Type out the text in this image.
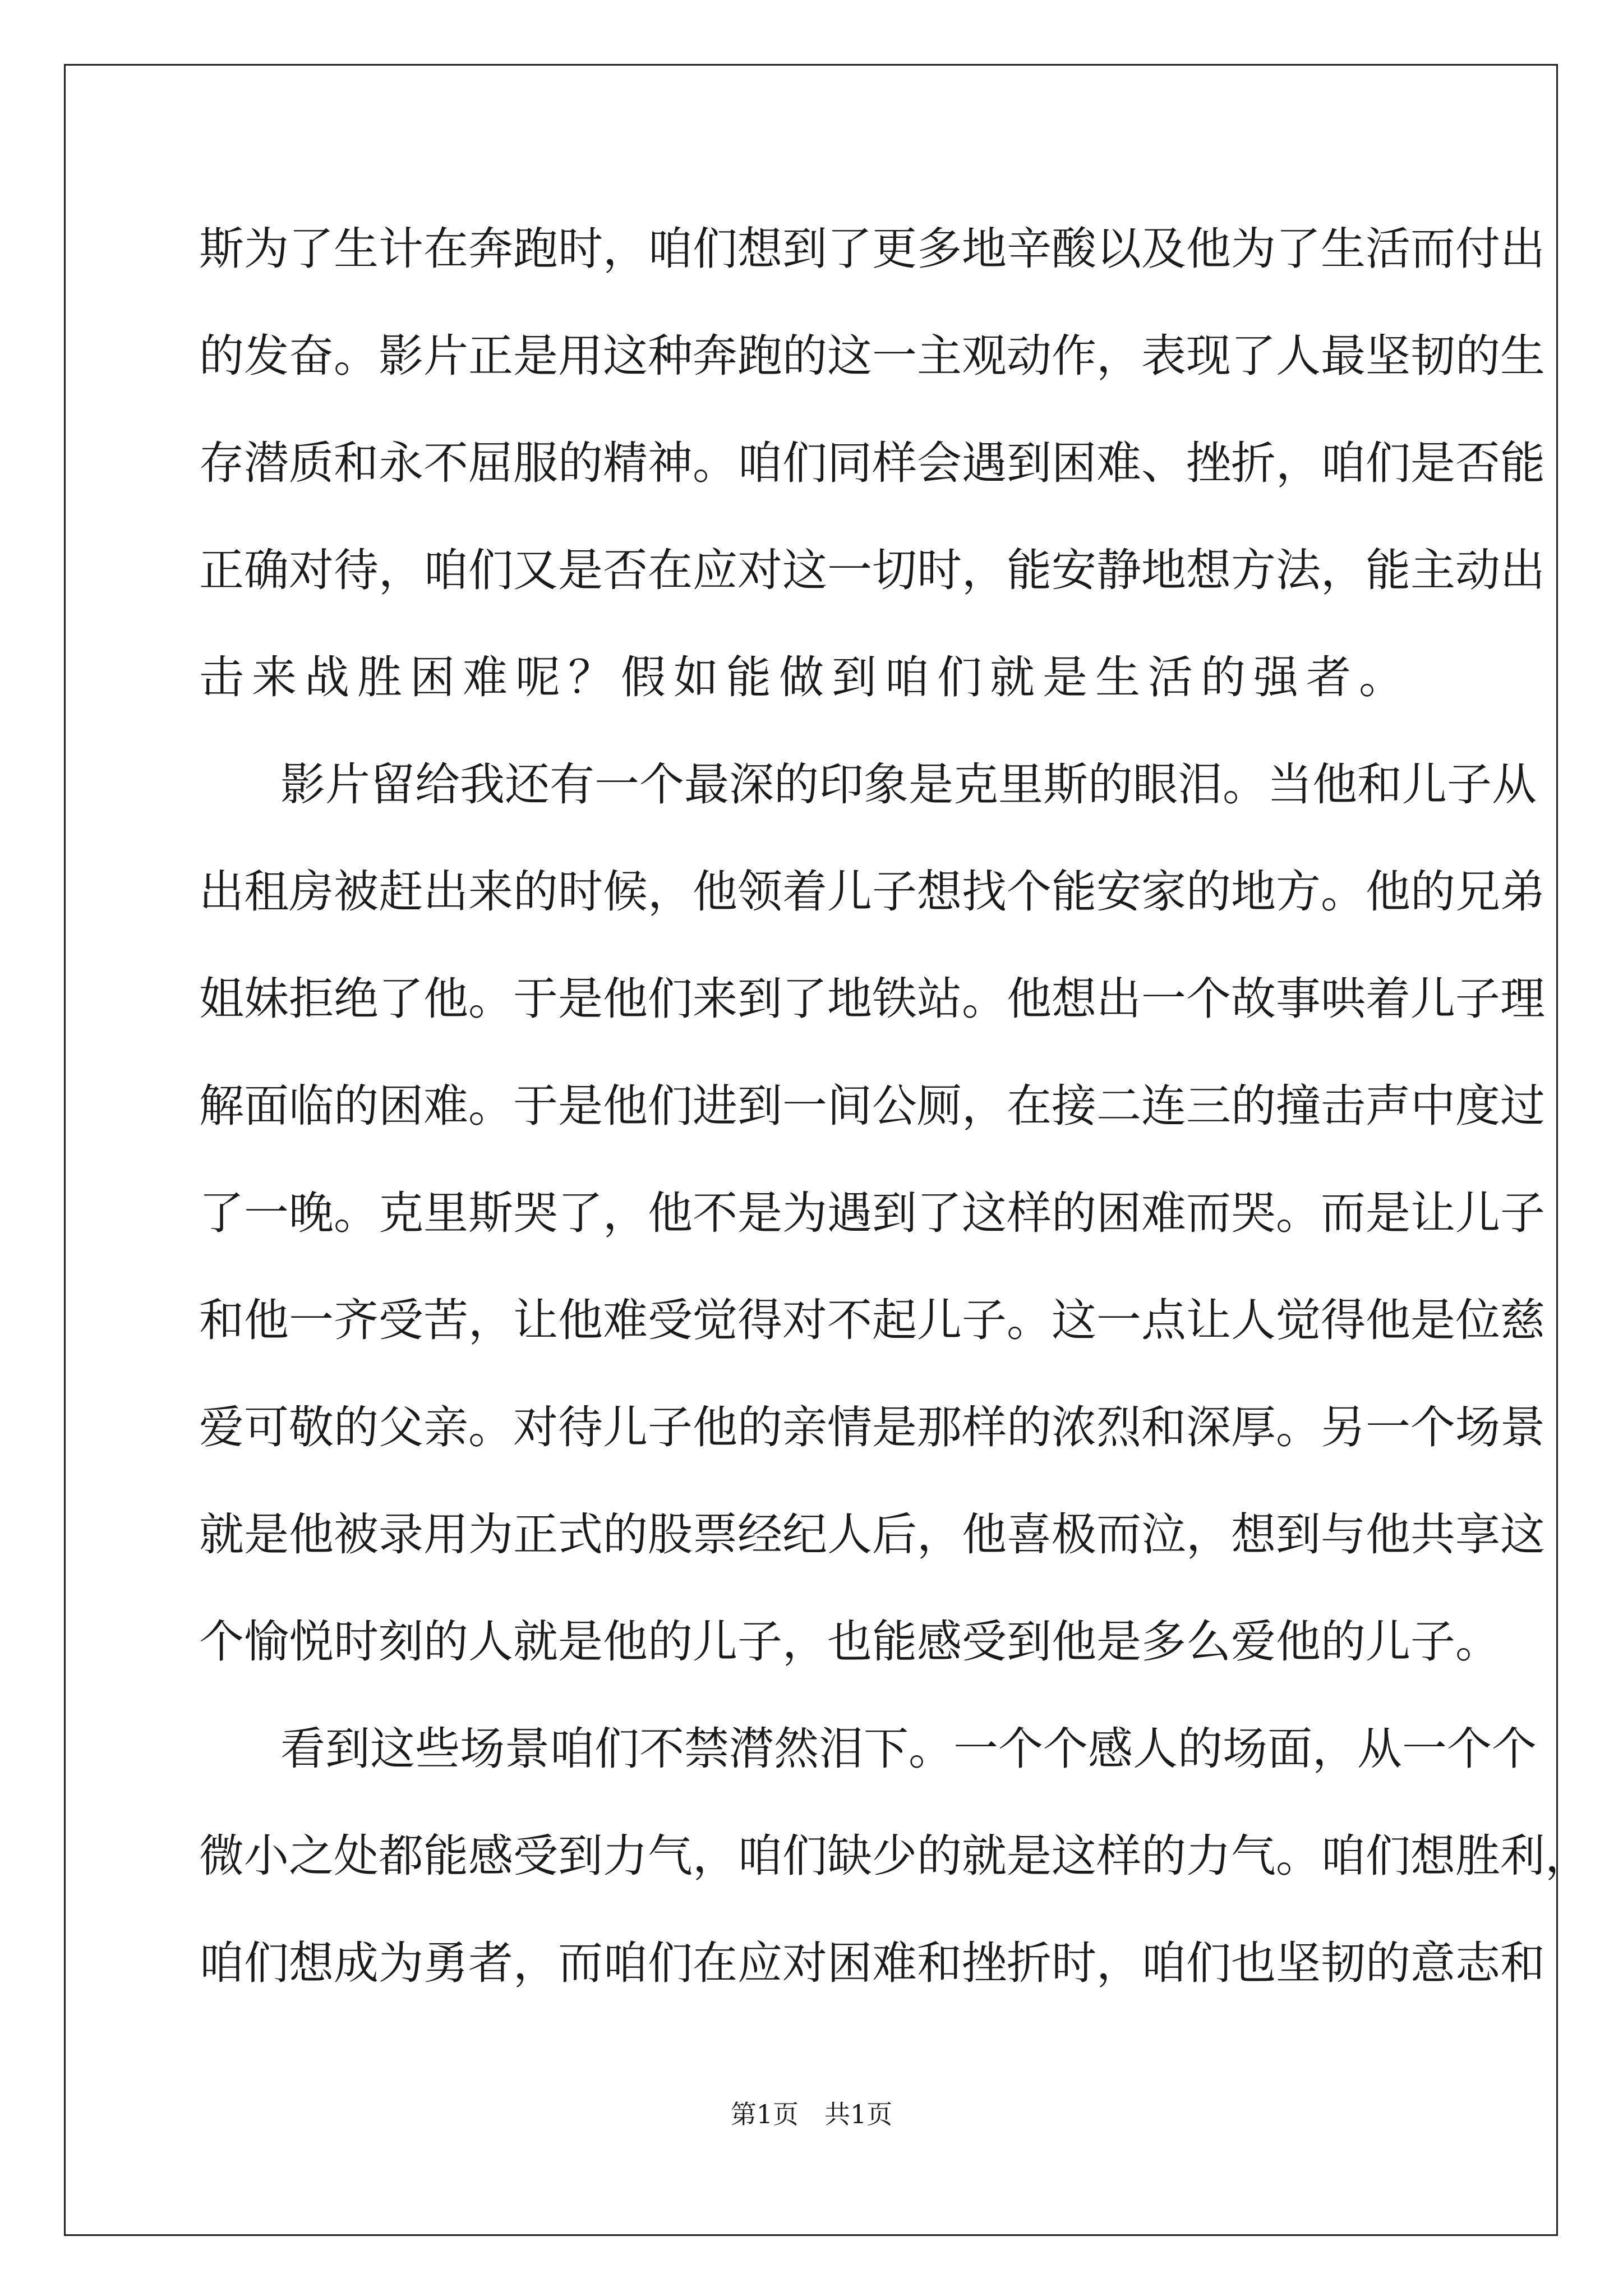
斯为了生计在奔跑时，咱们想到了更多地辛酸以及他为了生活而付出
的发奋。影片正是用这种奔跑的这一主观动作，表现了人最坚韧的生
存潜质和永不屈服的精神。咱们同样会遇到困难、挫折，咱们是否能
正确对待，咱们又是否在应对这一切时，能安静地想方法，能主动出
击来战胜困难呢？假如能做到咱们就是生活的强者。
影片留给我还有一个最深的印象是克里斯的眼泪。当他和儿子从
出租房被赶出来的时候，他领着儿子想找个能安家的地方。他的兄弟
姐妹拒绝了他。于是他们来到了地铁站。他想出一个故事哄着儿子理
解面临的困难。于是他们进到一间公厕，在接二连三的撞击声中度过
了一晚。克里斯哭了，他不是为遇到了这样的困难而哭。而是让儿子
和他一齐受苦，让他难受觉得对不起儿子。这一点让人觉得他是位慈
爱可敬的父亲。对待儿子他的亲情是那样的浓烈和深厚。另一个场景
就是他被录用为正式的股票经纪人后，他喜极而泣，想到与他共享这
个愉悦时刻的人就是他的儿子，也能感受到他是多么爱他的儿子。
看到这些场景咱们不禁潸然泪下。一个个感人的场面，从一个个
微小之处都能感受到力气，咱们缺少的就是这样的力气。咱们想胜利，
咱们想成为勇者，而咱们在应对困难和挫折时，咱们也坚韧的意志和
第1页　共1页
